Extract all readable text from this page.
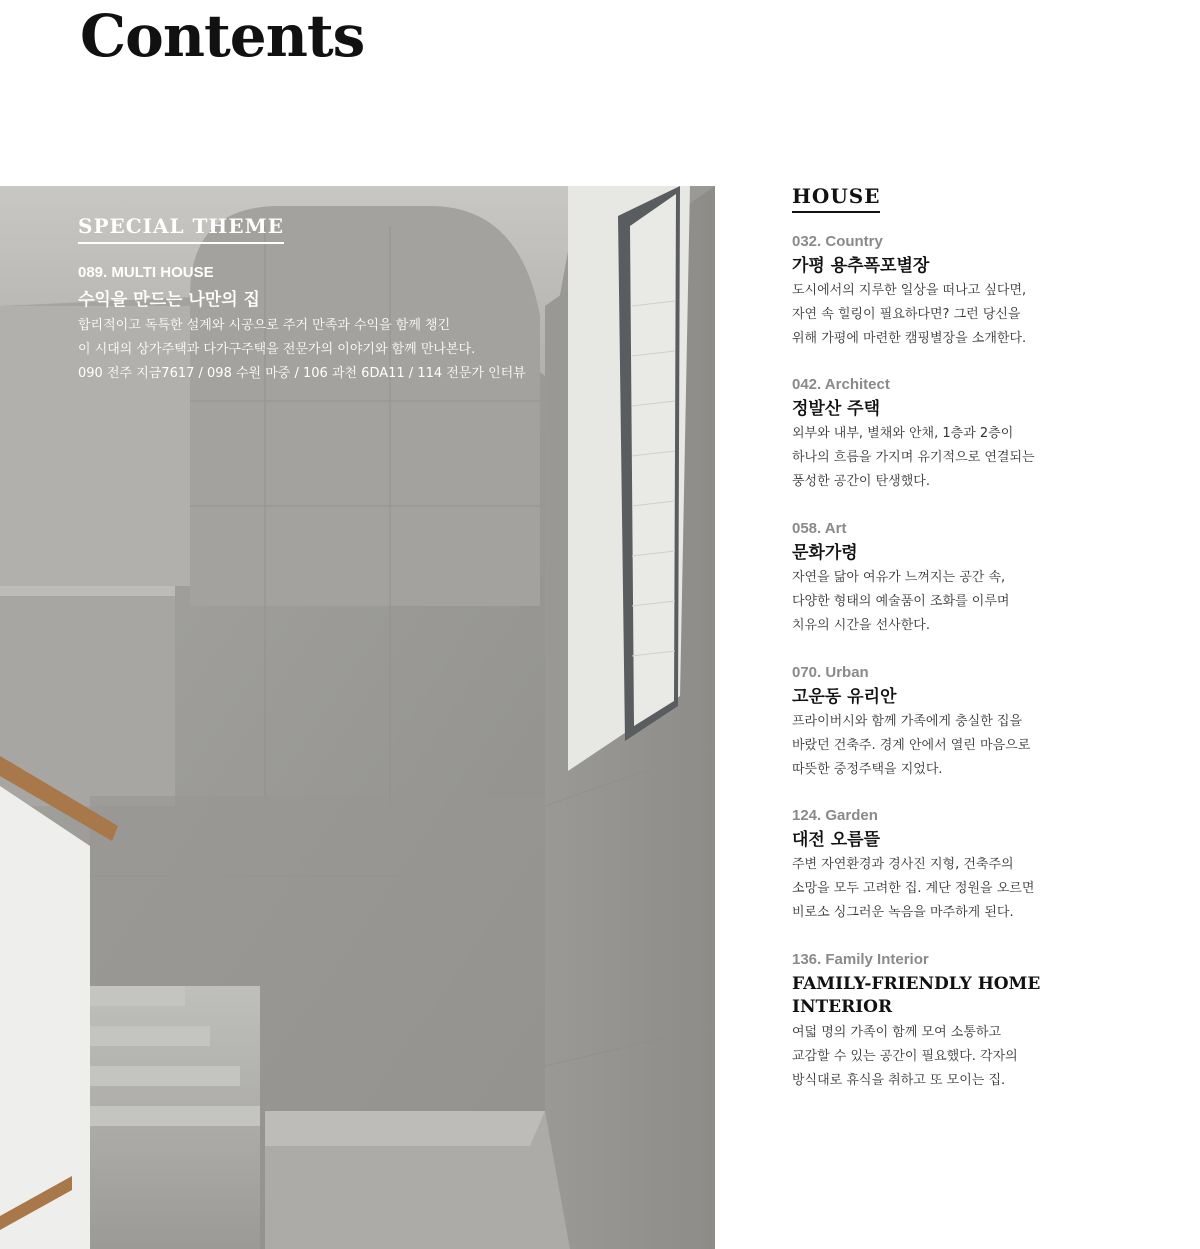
Contents
SPECIAL THEME
089. MULTI HOUSE
수익을 만드는 나만의 집
합리적이고 독특한 설계와 시공으로 주거 만족과 수익을 함께 챙긴
이 시대의 상가주택과 다가구주택을 전문가의 이야기와 함께 만나본다.
090 전주 지금7617 / 098 수원 마중 / 106 과천 6DA11 / 114 전문가 인터뷰
HOUSE
032. Country
가평 용추폭포별장
도시에서의 지루한 일상을 떠나고 싶다면,
자연 속 힐링이 필요하다면? 그런 당신을
위해 가평에 마련한 캠핑별장을 소개한다.
042. Architect
정발산 주택
외부와 내부, 별채와 안채, 1층과 2층이
하나의 흐름을 가지며 유기적으로 연결되는
풍성한 공간이 탄생했다.
058. Art
문화가령
자연을 닮아 여유가 느껴지는 공간 속,
다양한 형태의 예술품이 조화를 이루며
치유의 시간을 선사한다.
070. Urban
고운동 유리안
프라이버시와 함께 가족에게 충실한 집을
바랐던 건축주. 경계 안에서 열린 마음으로
따뜻한 중정주택을 지었다.
124. Garden
대전 오름뜰
주변 자연환경과 경사진 지형, 건축주의
소망을 모두 고려한 집. 계단 정원을 오르면
비로소 싱그러운 녹음을 마주하게 된다.
136. Family Interior
FAMILY-FRIENDLY HOME INTERIOR
여덟 명의 가족이 함께 모여 소통하고
교감할 수 있는 공간이 필요했다. 각자의
방식대로 휴식을 취하고 또 모이는 집.
